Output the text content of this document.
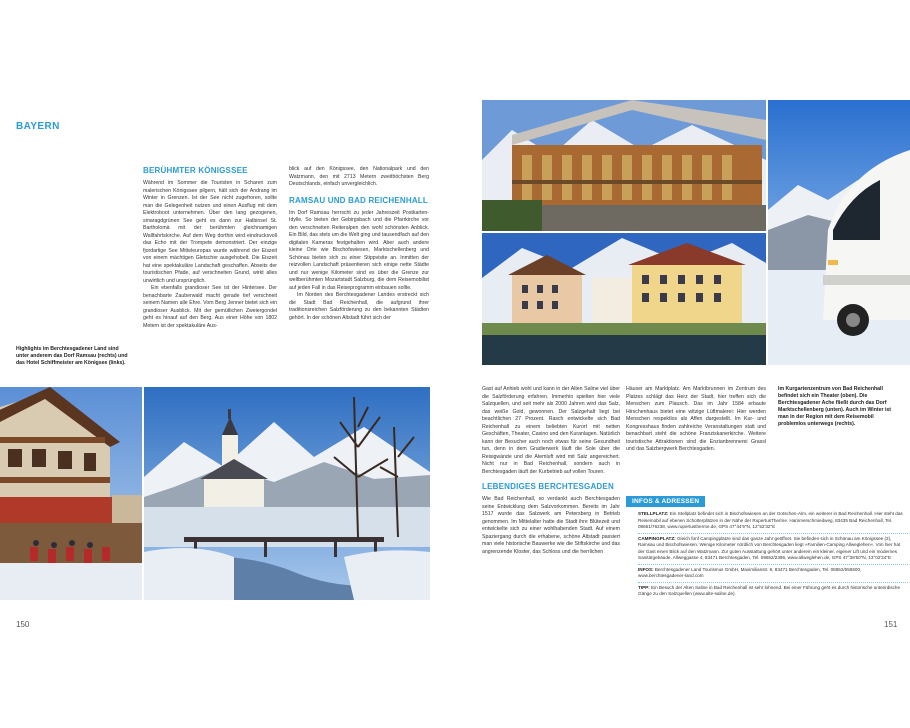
BAYERN
Highlights im Berchtesgadener Land sind unter anderem das Dorf Ramsau (rechts) und das Hotel Schiffmeister am Königsee (links).
BERÜHMTER KÖNIGSSEE
Während im Sommer die Touristen in Scharen zum malerischen Königssee pilgern, hält sich der Andrang im Winter in Grenzen. Ist der See nicht zugefroren, sollte man die Gelegenheit nutzen und einen Ausflug mit dem Elektroboot unternehmen. Über den lang gezogenen, smaragdgrünen See geht es dann zur Halbinsel St. Bartholomä mit der berühmten gleichnamigen Wallfahrtskirche. Auf dem Weg dorthin wird eindrucksvoll das Echo mit der Trompete demonstriert. Der einzige fjordartige See Mitteleuropas wurde während der Eiszeit von einem mächtigen Gletscher ausgehobelt. Die Eiszeit hat eine spektakuläre Landschaft geschaffen. Abseits der touristischen Pfade, auf verschneiten Grund, wirkt alles unwirtlich und ursprünglich.
Ein ebenfalls grandioser See ist der Hintersee. Der benachbarte Zauberwald macht gerade tief verschneit seinem Namen alle Ehre. Vom Berg Jenner bietet sich ein grandioser Ausblick. Mit der gemütlichen Zweiergondel geht es hinauf auf den Berg. Aus einer Höhe von 1802 Metern ist der spektakuläre Aus-
blick auf den Königssee, den Nationalpark und den Watzmann, den mit 2713 Metern zweithöchsten Berg Deutschlands, einfach unvergleichlich.
RAMSAU UND BAD REICHENHALL
Im Dorf Ramsau herrscht zu jeder Jahreszeit Postkarten-Idylle. So bieten der Gebirgsbach und die Pfarrkirche vor den verschneiten Reiteralpen den wohl schönsten Anblick. Ein Bild, das stets um die Welt ging und tausendfach auf den digitalen Kameras festgehalten wird. Aber auch andere kleine Orte wie Bischofswiesen, Marktschellenberg und Schönau bieten sich zu einer Stippvisite an. Inmitten der reizvollen Landschaft präsentieren sich einige nette Städte und nur wenige Kilometer sind es über die Grenze zur weltberühmten Mozartstadt Salzburg, die dem Reisemobilist auf jeden Fall in das Reiseprogramm einbauen sollte.
Im Norden des Berchtesgadener Landes erstreckt sich die Stadt Bad Reichenhall, die aufgrund ihrer traditionsreichen Salzförderung zu den bekannten Städten gehört. In der schönen Altstadt führt sich der
150
Gast auf Anhieb wohl und kann in der Alten Saline viel über die Salzförderung erfahren. Immerhin spielten hier viele Salzquellen, und seit mehr als 2000 Jahren wird das Salz, das weiße Gold, gewonnen. Der Salzgehalt liegt bei beachtlichen 27 Prozent. Rasch entwickelte sich Bad Reichenhall zu einem beliebten Kurort mit netten Geschäften, Theater, Casino und den Kuranlagen. Natürlich kann der Besucher auch noch etwas für seine Gesundheit tun, denn in dem Gradierwerk läuft die Sole über die Reisigwände und die Atemluft wird mit Salz angereichert. Nicht nur in Bad Reichenhall, sondern auch in Berchtesgaden läuft der Kurbetrieb auf vollen Touren.
LEBENDIGES BERCHTESGADEN
Wie Bad Reichenhall, so verdankt auch Berchtesgaden seine Entwicklung dem Salzvorkommen. Bereits im Jahr 1517 wurde das Salzwerk am Petersberg in Betrieb genommen. Im Mittelalter hatte die Stadt ihre Blütezeit und entwickelte sich zu einer wohlhabenden Stadt. Auf einem Spaziergang durch die erhabene, schöne Altstadt passiert man viele historische Bauwerke wie die Stiftskirche und das angrenzende Kloster, das Schloss und die herrlichen
Häuser am Marktplatz. Am Marktbrunnen im Zentrum des Platzes schlägt das Herz der Stadt, hier treffen sich die Menschen zum Plausch. Das im Jahr 1584 erbaute Hirschenhaus bietet eine witzige Lüftmalerei: Hier werden Menschen respektlos als Affen dargestellt. Im Kur- und Kongresshaus finden zahlreiche Veranstaltungen statt und benachbart steht die schöne Franziskanerkirche. Weitere touristische Attraktionen sind die Enzianbrennerei Grassl und das Salzbergwerk Berchtesgaden.
Im Kurgartenzentrum von Bad Reichenhall befindet sich ein Theater (oben). Die Berchtesgadener Ache fließt durch das Dorf Marktschellenberg (unten). Auch im Winter ist man in der Region mit dem Reisemobil problemlos unterwegs (rechts).
INFOS & ADRESSEN
STELLPLATZ: Ein Stellplatz befindet sich in Bischofswiesen an der Gotschen-Alm, ein weiterer in Bad Reichenhall. Hier steht das Reisemobil auf ebenen Schotterplätzen in der Nähe der RupertusTherme. Hammerschmiedweg, 83435 Bad Reichenhall, Tel. 08651/76238, www.rupertustherme.de, GPS 47°44'5"N, 12°52'32"E
CAMPINGPLATZ: Gleich fünf Campingplätze sind das ganze Jahr geöffnet. Sie befinden sich in Schönau am Königssee (2), Ramsau und Bischofswiesen. Wenige Kilometer nördlich von Berchtesgaden liegt »Familien-Camping Allweglehen«. Von hier hat der Gast einen Blick auf den Watzmann. Zur guten Ausstattung gehört unter anderem ein kleiner, eigener Lift und ein modernes Sanitärgebäude. Allweggasse 4, 83471 Berchtesgaden, Tel. 08652/2396, www.allweglehen.de, GPS 47°38'50"N, 13°02'24"E
INFOS: Berchtesgadener Land Tourismus GmbH, Maximilianstr. 9, 83471 Berchtesgaden, Tel. 08652/656500, www.berchtesgadener-land.com
TIPP: Ein Besuch der Alten Saline in Bad Reichenhall ist sehr lohnend. Bei einer Führung geht es durch historische unterirdische Gänge zu den Salzquellen (www.alte-saline.de).
151
